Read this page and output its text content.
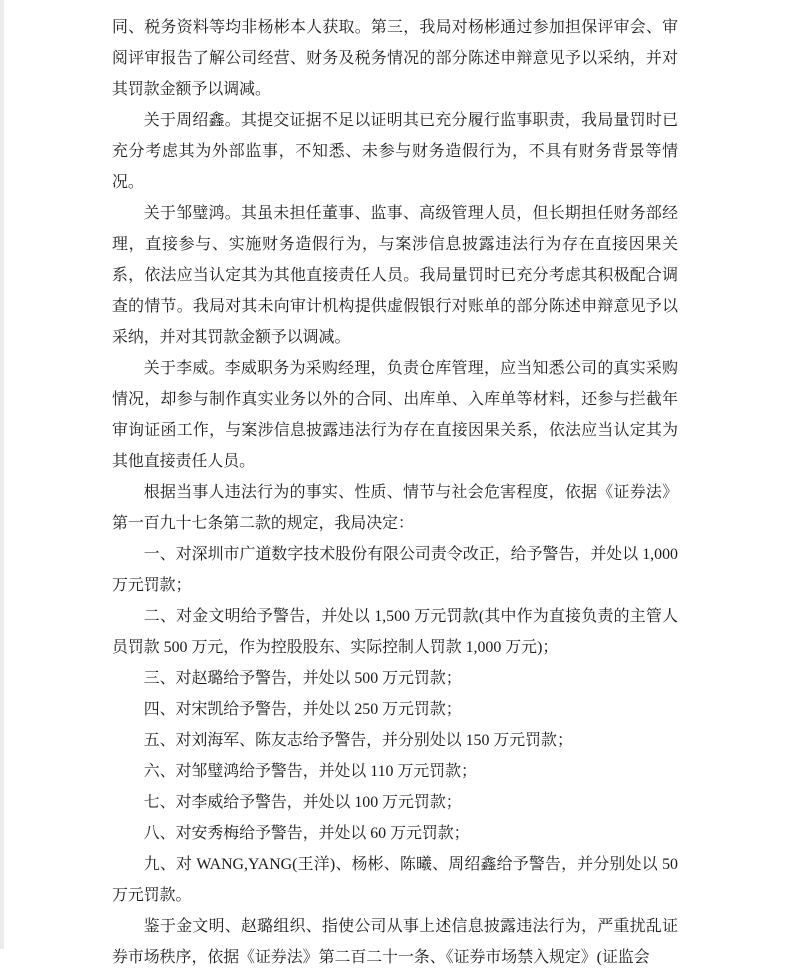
同、税务资料等均非杨彬本人获取。第三，我局对杨彬通过参加担保评审会、审阅评审报告了解公司经营、财务及税务情况的部分陈述申辩意见予以采纳，并对其罚款金额予以调减。

关于周绍鑫。其提交证据不足以证明其已充分履行监事职责，我局量罚时已充分考虑其为外部监事，不知悉、未参与财务造假行为，不具有财务背景等情况。

关于邹璧鸿。其虽未担任董事、监事、高级管理人员，但长期担任财务部经理，直接参与、实施财务造假行为，与案涉信息披露违法行为存在直接因果关系，依法应当认定其为其他直接责任人员。我局量罚时已充分考虑其积极配合调查的情节。我局对其未向审计机构提供虚假银行对账单的部分陈述申辩意见予以采纳，并对其罚款金额予以调减。

关于李威。李威职务为采购经理，负责仓库管理，应当知悉公司的真实采购情况，却参与制作真实业务以外的合同、出库单、入库单等材料，还参与拦截年审询证函工作，与案涉信息披露违法行为存在直接因果关系，依法应当认定其为其他直接责任人员。

根据当事人违法行为的事实、性质、情节与社会危害程度，依据《证券法》第一百九十七条第二款的规定，我局决定：

一、对深圳市广道数字技术股份有限公司责令改正，给予警告，并处以 1,000 万元罚款；

二、对金文明给予警告，并处以 1,500 万元罚款(其中作为直接负责的主管人员罚款 500 万元，作为控股股东、实际控制人罚款 1,000 万元)；

三、对赵璐给予警告，并处以 500 万元罚款；

四、对宋凯给予警告，并处以 250 万元罚款；

五、对刘海军、陈友志给予警告，并分别处以 150 万元罚款；

六、对邹璧鸿给予警告，并处以 110 万元罚款；

七、对李威给予警告，并处以 100 万元罚款；

八、对安秀梅给予警告，并处以 60 万元罚款；

九、对 WANG,YANG(王洋)、杨彬、陈曦、周绍鑫给予警告，并分别处以 50 万元罚款。

鉴于金文明、赵璐组织、指使公司从事上述信息披露违法行为，严重扰乱证券市场秩序，依据《证券法》第二百二十一条、《证券市场禁入规定》(证监会
